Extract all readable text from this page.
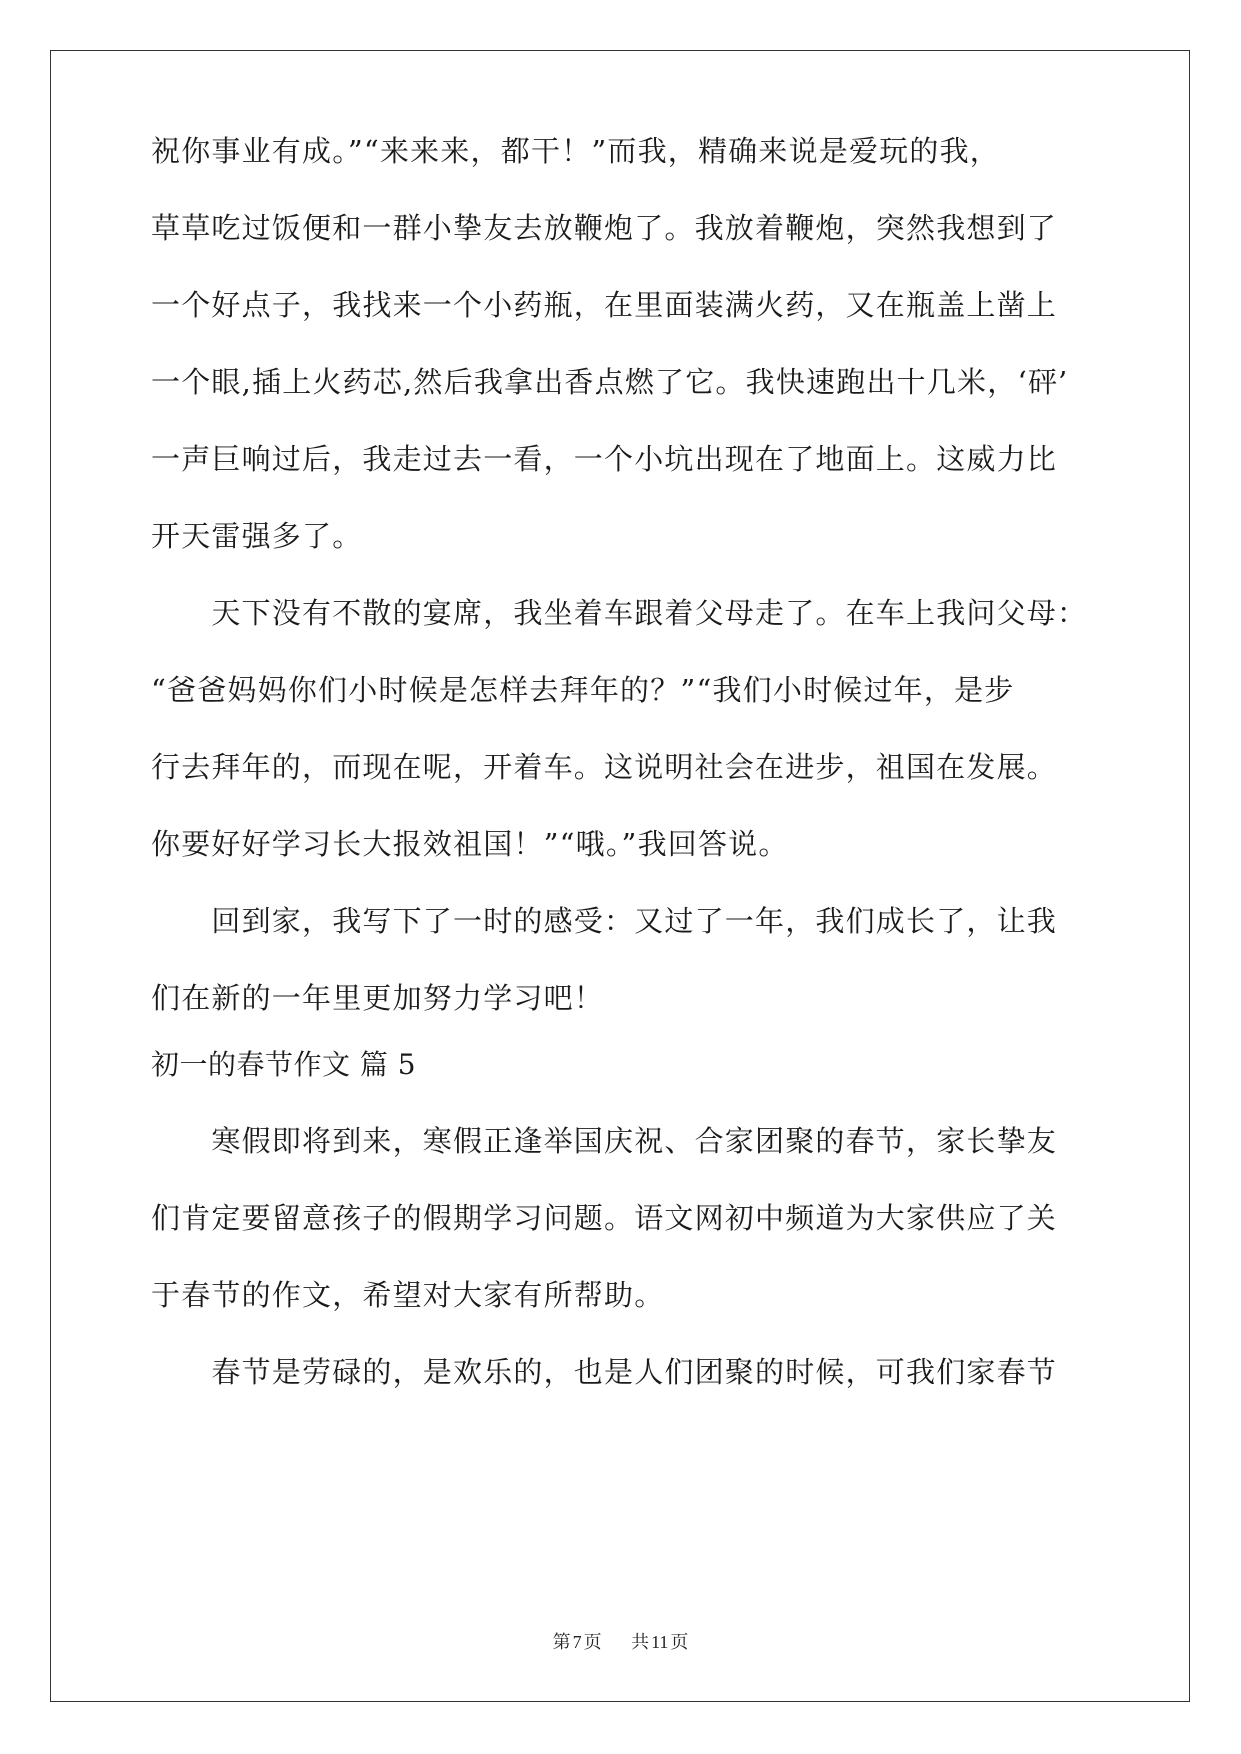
祝你事业有成。”“来来来，都干！”而我，精确来说是爱玩的我，

草草吃过饭便和一群小挚友去放鞭炮了。我放着鞭炮，突然我想到了

一个好点子，我找来一个小药瓶，在里面装满火药，又在瓶盖上凿上

一个眼,插上火药芯,然后我拿出香点燃了它。我快速跑出十几米，‘砰’

一声巨响过后，我走过去一看，一个小坑出现在了地面上。这威力比

开天雷强多了。

　　天下没有不散的宴席，我坐着车跟着父母走了。在车上我问父母：

“爸爸妈妈你们小时候是怎样去拜年的？”“我们小时候过年，是步

行去拜年的，而现在呢，开着车。这说明社会在进步，祖国在发展。

你要好好学习长大报效祖国！”“哦。”我回答说。

　　回到家，我写下了一时的感受：又过了一年，我们成长了，让我

们在新的一年里更加努力学习吧！

初一的春节作文 篇 5

　　寒假即将到来，寒假正逢举国庆祝、合家团聚的春节，家长挚友

们肯定要留意孩子的假期学习问题。语文网初中频道为大家供应了关

于春节的作文，希望对大家有所帮助。

　　春节是劳碌的，是欢乐的，也是人们团聚的时候，可我们家春节

第 7 页 共 11 页
